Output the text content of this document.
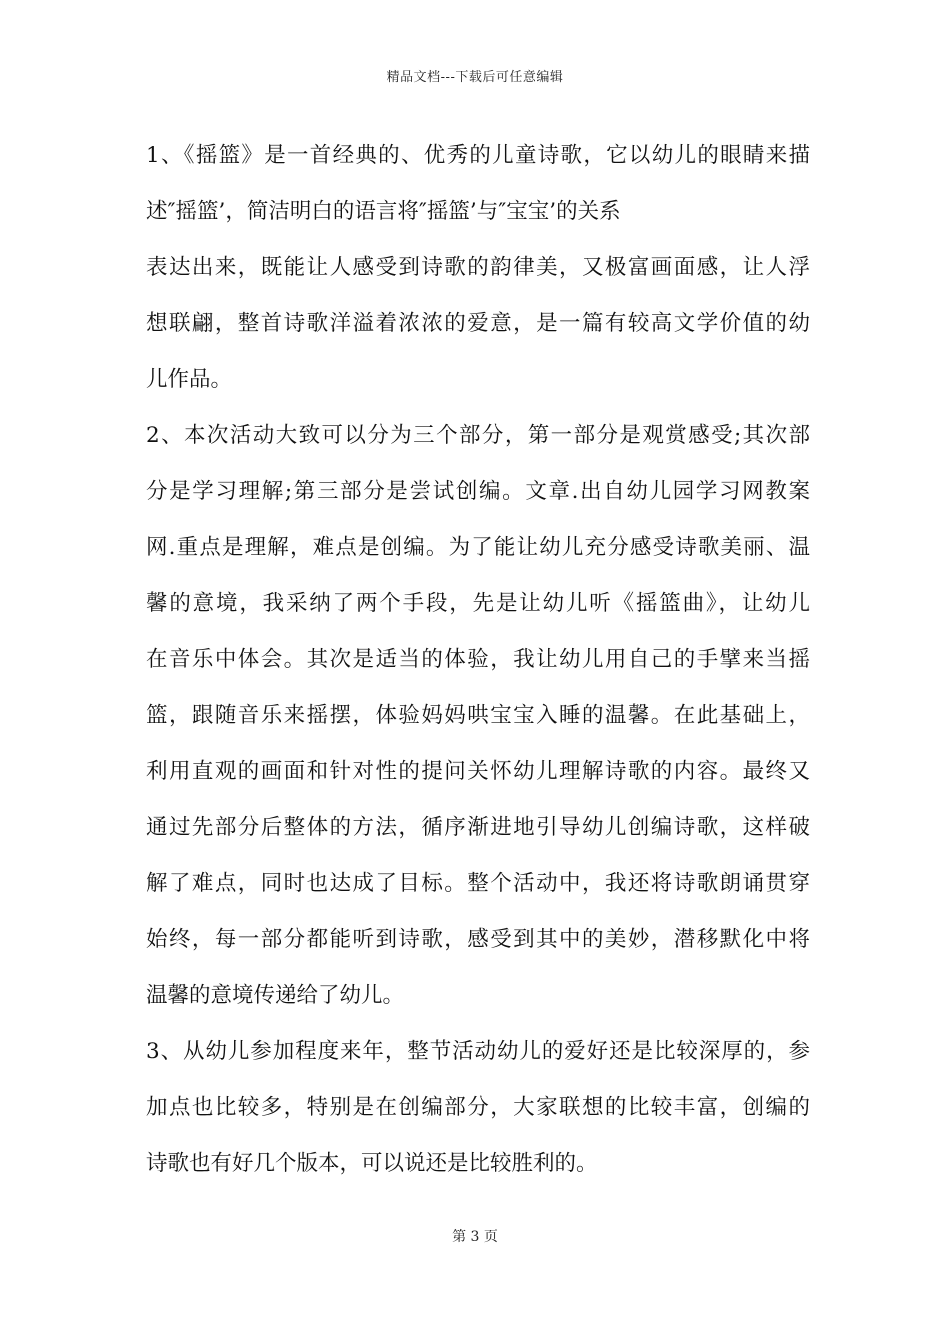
精品文档---下载后可任意编辑
1、《摇篮》是一首经典的、优秀的儿童诗歌，它以幼儿的眼睛来描
述″摇篮’，简洁明白的语言将″摇篮’与″宝宝’的关系
表达出来，既能让人感受到诗歌的韵律美，又极富画面感，让人浮
想联翩，整首诗歌洋溢着浓浓的爱意，是一篇有较高文学价值的幼
儿作品。
2、本次活动大致可以分为三个部分，第一部分是观赏感受;其次部
分是学习理解;第三部分是尝试创编。文章.出自幼儿园学习网教案
网.重点是理解，难点是创编。为了能让幼儿充分感受诗歌美丽、温
馨的意境，我采纳了两个手段，先是让幼儿听《摇篮曲》，让幼儿
在音乐中体会。其次是适当的体验，我让幼儿用自己的手擘来当摇
篮，跟随音乐来摇摆，体验妈妈哄宝宝入睡的温馨。在此基础上，
利用直观的画面和针对性的提问关怀幼儿理解诗歌的内容。最终又
通过先部分后整体的方法，循序渐进地引导幼儿创编诗歌，这样破
解了难点，同时也达成了目标。整个活动中，我还将诗歌朗诵贯穿
始终，每一部分都能听到诗歌，感受到其中的美妙，潜移默化中将
温馨的意境传递给了幼儿。
3、从幼儿参加程度来年，整节活动幼儿的爱好还是比较深厚的，参
加点也比较多，特别是在创编部分，大家联想的比较丰富，创编的
诗歌也有好几个版本，可以说还是比较胜利的。
第 3 页
